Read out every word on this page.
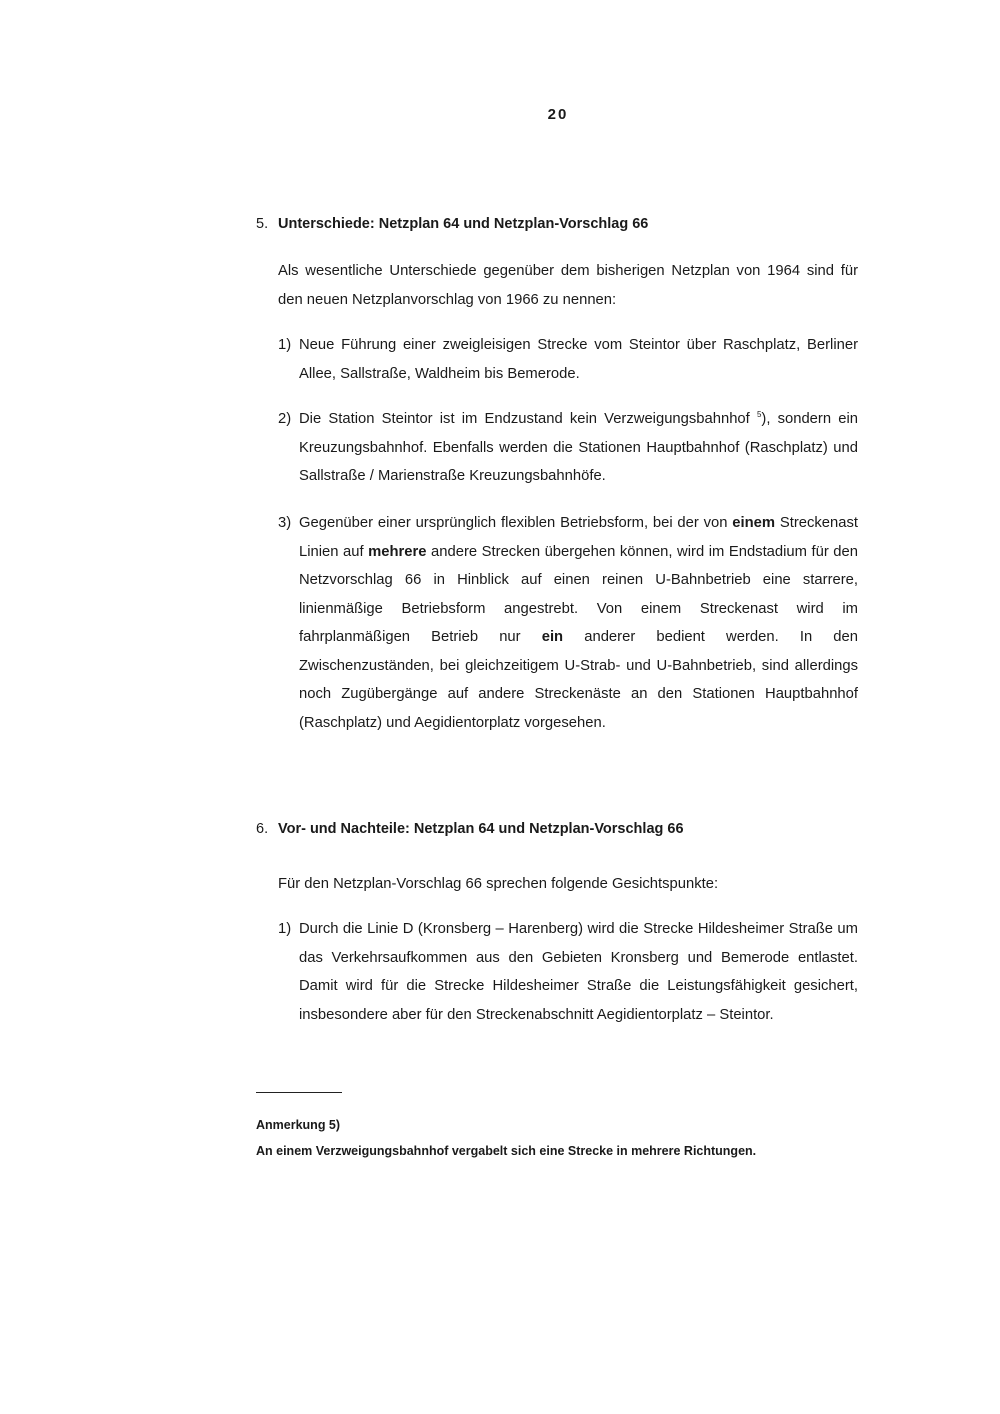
20
5. Unterschiede: Netzplan 64 und Netzplan-Vorschlag 66
Als wesentliche Unterschiede gegenüber dem bisherigen Netzplan von 1964 sind für den neuen Netzplanvorschlag von 1966 zu nennen:
1) Neue Führung einer zweigleisigen Strecke vom Steintor über Raschplatz, Berliner Allee, Sallstraße, Waldheim bis Bemerode.
2) Die Station Steintor ist im Endzustand kein Verzweigungsbahnhof $^5$), sondern ein Kreuzungsbahnhof. Ebenfalls werden die Stationen Hauptbahnhof (Raschplatz) und Sallstraße / Marienstraße Kreuzungsbahnhöfe.
3) Gegenüber einer ursprünglich flexiblen Betriebsform, bei der von einem Streckenast Linien auf mehrere andere Strecken übergehen können, wird im Endstadium für den Netzvorschlag 66 in Hinblick auf einen reinen U-Bahnbetrieb eine starrere, linienmäßige Betriebsform angestrebt. Von einem Streckenast wird im fahrplanmäßigen Betrieb nur ein anderer bedient werden. In den Zwischenzuständen, bei gleichzeitigem U-Strab- und U-Bahnbetrieb, sind allerdings noch Zugübergänge auf andere Streckenäste an den Stationen Hauptbahnhof (Raschplatz) und Aegidientorplatz vorgesehen.
6. Vor- und Nachteile: Netzplan 64 und Netzplan-Vorschlag 66
Für den Netzplan-Vorschlag 66 sprechen folgende Gesichtspunkte:
1) Durch die Linie D (Kronsberg – Harenberg) wird die Strecke Hildesheimer Straße um das Verkehrsaufkommen aus den Gebieten Kronsberg und Bemerode entlastet. Damit wird für die Strecke Hildesheimer Straße die Leistungsfähigkeit gesichert, insbesondere aber für den Streckenabschnitt Aegidientorplatz – Steintor.
Anmerkung 5)
An einem Verzweigungsbahnhof vergabelt sich eine Strecke in mehrere Richtungen.
